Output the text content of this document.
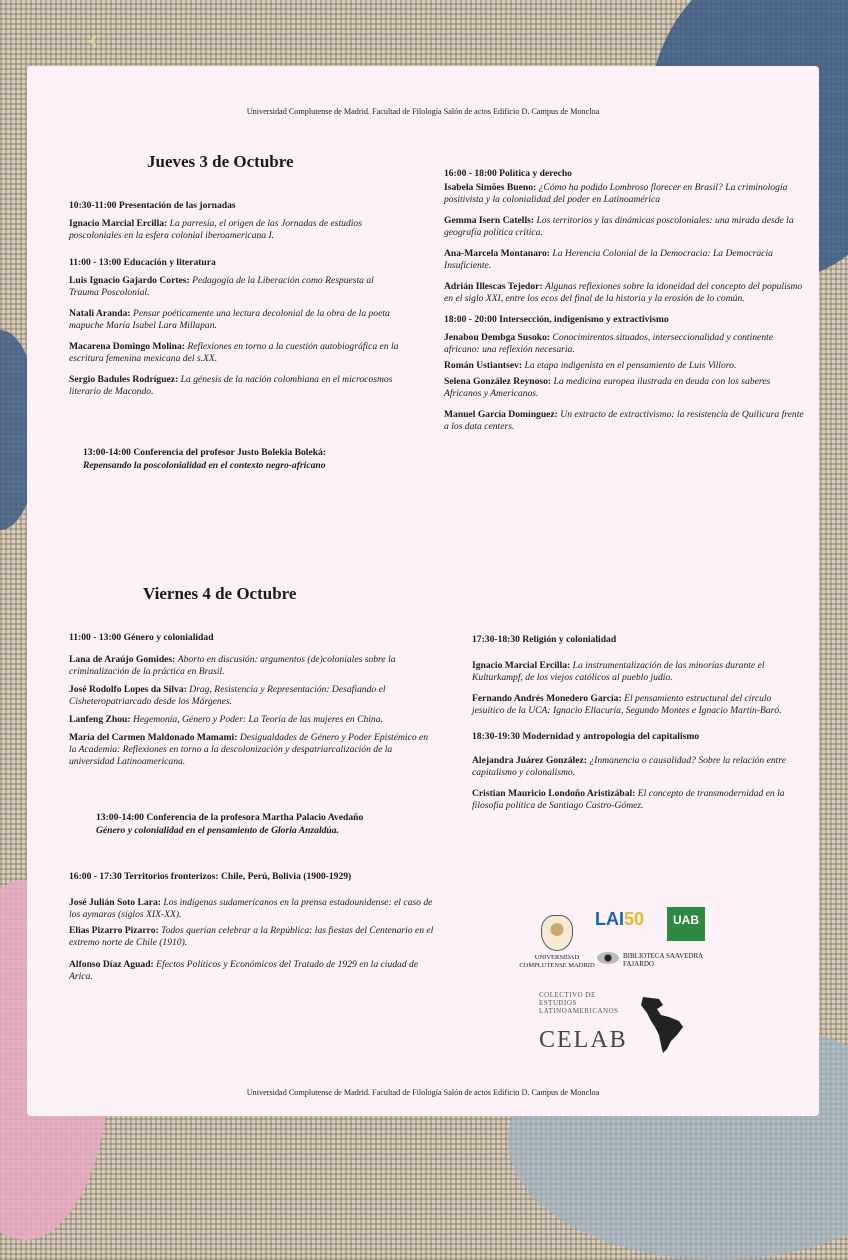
‹
Universidad Complutense de Madrid. Facultad de Filología Salón de actos Edificio D. Campus de Moncloa
Jueves 3 de Octubre
10:30-11:00 Presentación de las jornadas
Ignacio Marcial Ercilla: La parresía, el origen de las Jornadas de estudios poscoloniales en la esfera colonial iberoamericana I.
11:00 - 13:00 Educación y literatura
Luis Ignacio Gajardo Cortes: Pedagogía de la Liberación como Respuesta al Trauma Poscolonial.
Natali Aranda: Pensar poéticamente una lectura decolonial de la obra de la poeta mapuche María Isabel Lara Millapan.
Macarena Domingo Molina: Reflexiones en torno a la cuestión autobiográfica en la escritura femenina mexicana del s.XX.
Sergio Badules Rodríguez: La génesis de la nación colombiana en el microcosmos literario de Macondo.
13:00-14:00 Conferencia del profesor Justo Bolekia Boleká:
Repensando la poscolonialidad en el contexto negro-africano
16:00 - 18:00 Política y derecho
Isabela Simões Bueno: ¿Cómo ha podido Lombroso florecer en Brasil? La criminología positivista y la colonialidad del poder en Latinoamérica
Gemma Isern Catells: Los territorios y las dinámicas poscoloniales: una mirada desde la geografía política crítica.
Ana-Marcela Montanaro: La Herencia Colonial de la Democracia: La Democracia Insuficiente.
Adrián Illescas Tejedor: Algunas reflexiones sobre la idoneidad del concepto del populismo en el siglo XXI, entre los ecos del final de la historia y la erosión de lo común.
18:00 - 20:00 Intersección, indigenismo y extractivismo
Jenabou Dembga Susoko: Conocimirentos situados, interseccionalidad y continente africano: una reflexión necesaria.
Román Ustiantsev: La etapa indigenista en el pensamiento de Luis Villoro.
Selena González Reynoso: La medicina europea ilustrada en deuda con los saberes Africanos y Americanos.
Manuel García Domínguez: Un extracto de extractivismo: la resistencia de Quilicura frente a los data centers.
Viernes 4 de Octubre
11:00 - 13:00 Género y colonialidad
Lana de Araújo Gomides: Aborto en discusión: argumentos (de)coloniales sobre la criminalización de la práctica en Brasil.
José Rodolfo Lopes da Silva: Drag, Resistencia y Representación: Desafiando el Cisheteropatriarcado desde los Márgenes.
Lanfeng Zhou: Hegemonía, Género y Poder: La Teoría de las mujeres en China.
María del Carmen Maldonado Mamami: Desigualdades de Género y Poder Epistémico en la Academia: Reflexiones en torno a la descolonización y despatriarcalización de la universidad Latinoamericana.
13:00-14:00 Conferencia de la profesora Martha Palacio Avedaño
Género y colonialidad en el pensamiento de Gloria Anzaldúa.
16:00 - 17:30 Territorios fronterizos: Chile, Perú, Bolivia (1900-1929)
José Julián Soto Lara: Los indígenas sudamericanos en la prensa estadounidense: el caso de los aymaras (siglos XIX-XX).
Elias Pizarro Pizarro: Todos querían celebrar a la República: las fiestas del Centenario en el extremo norte de Chile (1910).
Alfonso Díaz Aguad: Efectos Políticos y Económicos del Tratado de 1929 en la ciudad de Arica.
17:30-18:30 Religión y colonialidad
Ignacio Marcial Ercilla: La instrumentalización de las minorías durante el Kulturkampf, de los viejos católicos al pueblo judío.
Fernando Andrés Monedero García: El pensamiento estructural del círculo jesuítico de la UCA: Ignacio Ellacuría, Segundo Montes e Ignacio Martín-Baró.
18:30-19:30 Modernidad y antropología del capitalismo
Alejandra Juárez González: ¿Inmanencia o causalidad? Sobre la relación entre capitalismo y colonalismo.
Cristian Mauricio Londoño Aristizábal: El concepto de transmodernidad en la filosofía política de Santiago Castro-Gómez.
UNIVERSIDAD COMPLUTENSE MADRID
LAI50	UAB
BIBLIOTECA SAAVEDRA FAJARDO
COLECTIVO DE ESTUDIOS LATINOAMERICANOS
CELAB
Universidad Complutense de Madrid. Facultad de Filología Salón de actos Edificio D. Campus de Moncloa
